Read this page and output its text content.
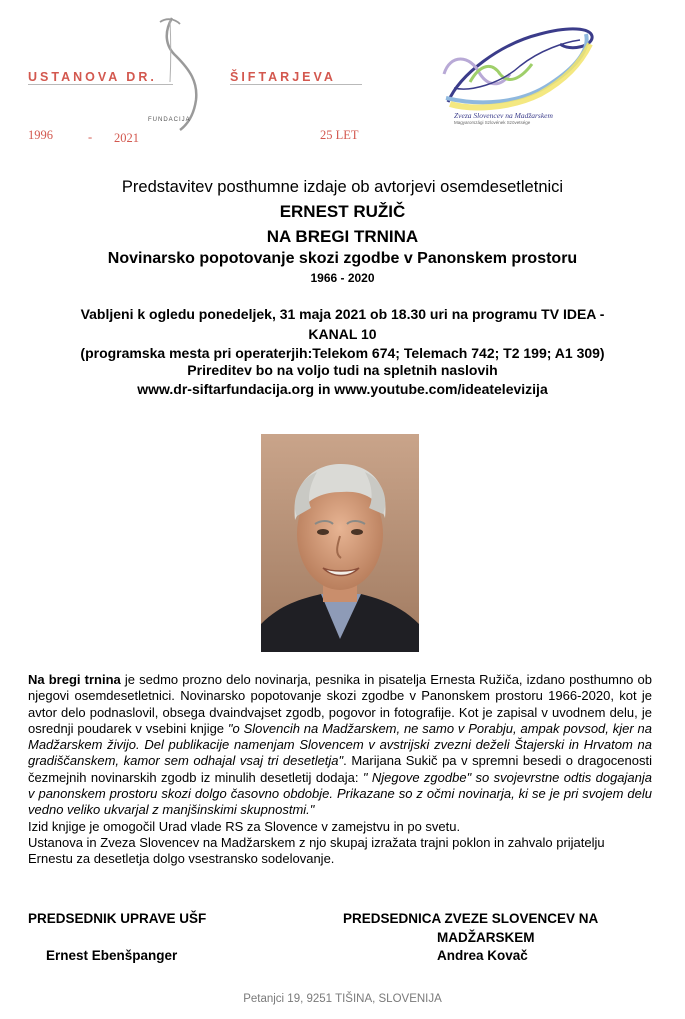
USTANOVA DR.	ŠIFTARJEVA
FUNDACIJA
1996	- 2021	25 LET
Zveza Slovencev na Madžarskem
Magyarországi Szlovének Szövetsége
Predstavitev posthumne izdaje ob avtorjevi osemdesetletnici
ERNEST RUŽIČ
NA BREGI TRNINA
Novinarsko popotovanje skozi zgodbe v Panonskem prostoru
1966 - 2020
Vabljeni k ogledu ponedeljek, 31 maja 2021 ob 18.30 uri na programu TV IDEA -
KANAL 10
(programska mesta pri operaterjih:Telekom 674; Telemach 742; T2 199; A1 309)
Prireditev bo na voljo tudi na spletnih naslovih
www.dr-siftarfundacija.org in www.youtube.com/ideatelevizija

Na bregi trnina je sedmo prozno delo novinarja, pesnika in pisatelja Ernesta Ružiča, izdano posthumno ob njegovi osemdesetletnici. Novinarsko popotovanje skozi zgodbe v Panonskem prostoru 1966-2020, kot je avtor delo podnaslovil, obsega dvaindvajset zgodb, pogovor in fotografije. Kot je zapisal v uvodnem delu, je osrednji poudarek v vsebini knjige "o Slovencih na Madžarskem, ne samo v Porabju, ampak povsod, kjer na Madžarskem živijo. Del publikacije namenjam Slovencem v avstrijski zvezni deželi Štajerski in Hrvatom na gradiščanskem, kamor sem odhajal vsaj tri desetletja". Marijana Sukič pa v spremni besedi o dragocenosti čezmejnih novinarskih zgodb iz minulih desetletij dodaja: " Njegove zgodbe" so svojevrstne odtis dogajanja v panonskem prostoru skozi dolgo časovno obdobje. Prikazane so z očmi novinarja, ki se je pri svojem delu vedno veliko ukvarjal z manjšinskimi skupnostmi."

Izid knjige je omogočil Urad vlade RS za Slovence v zamejstvu in po svetu.

Ustanova in Zveza Slovencev na Madžarskem z njo skupaj izražata trajni poklon in zahvalo prijatelju Ernestu za desetletja dolgo vsestransko sodelovanje.

PREDSEDNIK UPRAVE UŠF
Ernest Ebenšpanger
PREDSEDNICA ZVEZE SLOVENCEV NA
MADŽARSKEM
Andrea Kovač
Petanjci 19, 9251 TIŠINA, SLOVENIJA
